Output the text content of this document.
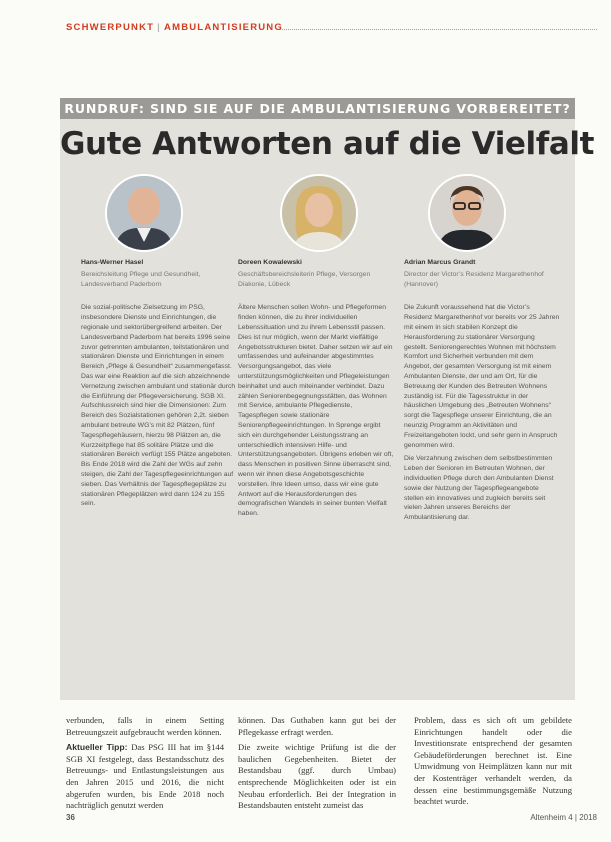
SCHWERPUNKT | AMBULANTISIERUNG
RUNDRUF: SIND SIE AUF DIE AMBULANTISIERUNG VORBEREITET?
Gute Antworten auf die Vielfalt
Hans-Werner Hasel
Bereichsleitung Pflege und Gesundheit, Landesverband Paderborn

Die sozial-politische Zielsetzung im PSG, insbesondere Dienste und Einrichtungen, die regionale und sektorübergreifend arbeiten. Der Landesverband Paderborn hat bereits 1996 seine zuvor getrennten ambulanten, teilstationären und stationären Dienste und Einrichtungen in einem Bereich „Pflege & Gesundheit“ zusammengefasst. Das war eine Reaktion auf die sich abzeichnende Vernetzung zwischen ambulant und stationär durch die Einführung der Pflegeversicherung. SGB XI. Aufschlussreich sind hier die Dimensionen: Zum Bereich des Sozialstationen gehören 2,2t. sieben ambulant betreute WG’s mit 82 Plätzen, fünf Tagespflegehäusern, hierzu 98 Plätzen an, die Kurzzeitpflege hat 85 solitäre Plätze und die stationären Bereich verfügt 155 Plätze angeboten. Bis Ende 2018 wird die Zahl der WGs auf zehn steigen, die Zahl der Tagespflegeeinrichtungen auf sieben. Das Verhältnis der Tagespflegeplätze zu stationären Pflegeplätzen wird dann 124 zu 155 sein.

Doreen Kowalewski
Geschäftsbereichsleiterin Pflege, Versorgen Diakonie, Lübeck

Ältere Menschen sollen Wohn- und Pflegeformen finden können, die zu ihrer individuellen Lebenssituation und zu ihrem Lebensstil passen. Dies ist nur möglich, wenn der Markt vielfältige Angebotsstrukturen bietet. Daher setzen wir auf ein umfassendes und aufeinander abgestimmtes Versorgungsangebot, das viele unterstützungsmöglichkeiten und Pflegeleistungen beinhaltet und auch miteinander verbindet. Dazu zählen Seniorenbegegnungsstätten, das Wohnen mit Service, ambulante Pflegedienste, Tagespflegen sowie stationäre Seniorenpflegeeinrichtungen. In Sprenge ergibt sich ein durchgehender Leistungsstrang an unterschiedlich intensiven Hilfe- und Unterstützungsangeboten. Übrigens erleben wir oft, dass Menschen in positiven Sinne überrascht sind, wenn wir ihnen diese Angebotsgeschichte vorstellen. Ihre Ideen umso, dass wir eine gute Antwort auf die Herausforderungen des demografischen Wandels in seiner bunten Vielfalt haben.

Adrian Marcus Grandt
Director der Victor’s Residenz Margarethenhof (Hannover)

Die Zukunft voraussehend hat die Victor’s Residenz Margarethenhof vor bereits vor 25 Jahren mit einem in sich stabilen Konzept die Herausforderung zu stationärer Versorgung gestellt. Seniorengerechtes Wohnen mit höchstem Komfort und Sicherheit verbunden mit dem Angebot, der gesamten Versorgung ist mit einem Ambulanten Dienste, der und am Ort, für die Betreuung der Kunden des Betreuten Wohnens zuständig ist. Für die Tagesstruktur in der häuslichen Umgebung des „Betreuten Wohnens“ sorgt die Tagespflege unserer Einrichtung, die an neunzig Programm an Aktivitäten und Freizeitangeboten lockt, und sehr gern in Anspruch genommen wird.

Die Verzahnung zwischen dem selbstbestimmten Leben der Senioren im Betreuten Wohnen, der individuellen Pflege durch den Ambulanten Dienst sowie der Nutzung der Tagespflegeangebote stellen ein innovatives und zugleich bereits seit vielen Jahren unseres Bereichs der Ambulantisierung dar.

verbunden, falls in einem Setting Betreuungszeit aufgebraucht werden können.

Aktueller Tipp: Das PSG III hat im §144 SGB XI festgelegt, dass Bestandsschutz des Betreuungs- und Entlastungsleistungen aus den Jahren 2015 und 2016, die nicht abgerufen wurden, bis Ende 2018 noch nachträglich genutzt werden

können. Das Guthaben kann gut bei der Pflegekasse erfragt werden.

Die zweite wichtige Prüfung ist die der baulichen Gegebenheiten. Bietet der Bestandsbau (ggf. durch Umbau) entsprechende Möglichkeiten oder ist ein Neubau erforderlich. Bei der Integration in Bestandsbauten entsteht zumeist das

Problem, dass es sich oft um gebildete Einrichtungen handelt oder die Investitionsrate entsprechend der gesamten Gebäudeförderungen berechnet ist. Eine Umwidmung von Heimplätzen kann nur mit der Kostenträger verhandelt werden, da dessen eine bestimmungsgemäße Nutzung beachtet wurde.

36	Altenheim 4 | 2018
